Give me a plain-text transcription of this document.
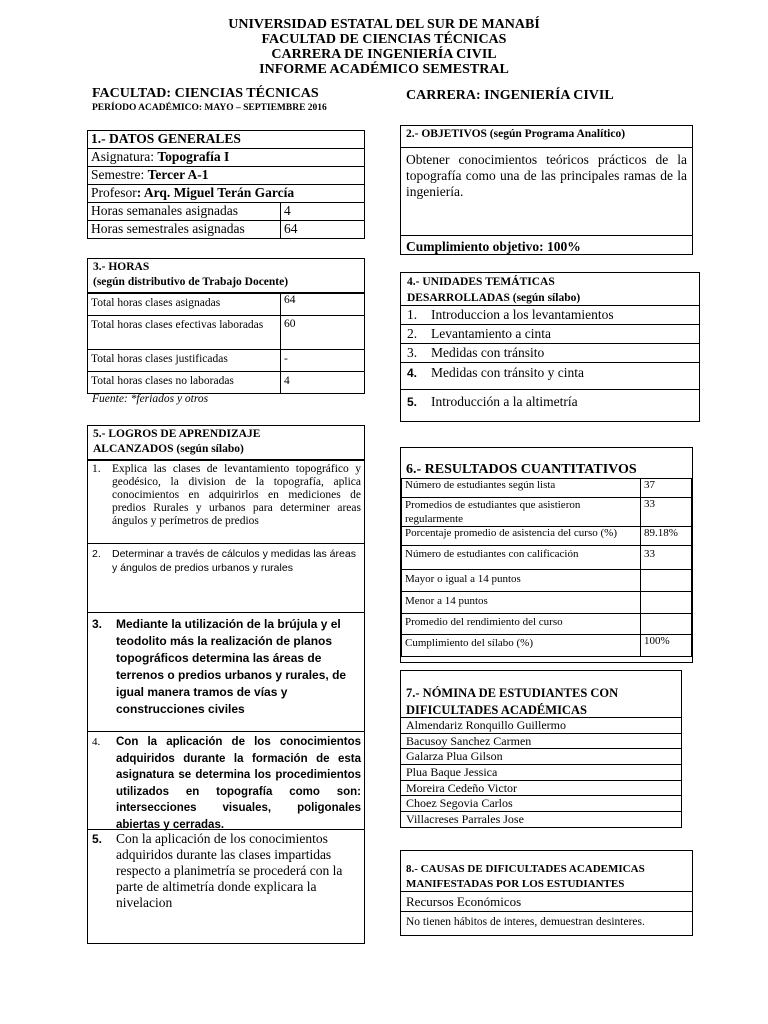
UNIVERSIDAD ESTATAL DEL SUR DE MANABÍ
FACULTAD DE CIENCIAS TÉCNICAS
CARRERA DE INGENIERÍA CIVIL
INFORME ACADÉMICO SEMESTRAL
FACULTAD: CIENCIAS TÉCNICAS
PERÍODO ACADÉMICO: MAYO – SEPTIEMBRE 2016
CARRERA: INGENIERÍA CIVIL
1.- DATOS GENERALES	
Asignatura: Topografía I	
Semestre: Tercer A-1	
Profesor: Arq. Miguel Terán García	
Horas semanales asignadas	4
Horas semestrales asignadas	64
2.- OBJETIVOS (según Programa Analítico)
Obtener conocimientos teóricos prácticos de la topografía como una de las principales ramas de la ingeniería.
Cumplimiento objetivo: 100%
3.- HORAS
(según distributivo de Trabajo Docente)
Total horas clases asignadas	64
Total horas clases efectivas laboradas	60
Total horas clases justificadas	-
Total horas clases no laboradas	4
Fuente: *feriados y otros
4.- UNIDADES TEMÁTICAS
DESARROLLADAS (según sílabo)
1. Introduccion a los levantamientos
2. Levantamiento a cinta
3. Medidas con tránsito
4. Medidas con tránsito y cinta
5. Introducción a la altimetría
5.- LOGROS DE APRENDIZAJE
ALCANZADOS (según sílabo)
1. Explica las clases de levantamiento topográfico y geodésico, la division de la topografía, aplica conocimientos en adquirirlos en mediciones de predios Rurales y urbanos para determiner areas ángulos y perímetros de predios
2.	Determinar a través de cálculos y medidas las áreas y ángulos de predios urbanos y rurales
3.	Mediante la utilización de la brújula y el teodolito más la realización de planos topográficos determina las áreas de terrenos o predios urbanos y rurales, de igual manera tramos de vías y construcciones civiles
4.	Con la aplicación de los conocimientos adquiridos durante la formación de esta asignatura se determina los procedimientos utilizados en topografía como son: intersecciones visuales, poligonales abiertas y cerradas.
5.	Con la aplicación de los conocimientos adquiridos durante las clases impartidas respecto a planimetría se procederá con la parte de altimetría donde explicara la nivelacion
6.- RESULTADOS CUANTITATIVOS
Número de estudiantes según lista	37
Promedios de estudiantes que asistieron regularmente	33
Porcentaje promedio de asistencia del curso (%)	89.18%
Número de estudiantes con calificación	33
Mayor o igual a 14 puntos	
Menor a 14 puntos	
Promedio del rendimiento del curso	
Cumplimiento del sílabo (%)	100%
7.- NÓMINA DE ESTUDIANTES CON
DIFICULTADES ACADÉMICAS
Almendariz Ronquillo Guillermo
Bacusoy Sanchez Carmen
Galarza Plua Gilson
Plua Baque Jessica
Moreira Cedeño Victor
Choez Segovia Carlos
Villacreses Parrales Jose
8.- CAUSAS DE DIFICULTADES ACADEMICAS
MANIFESTADAS POR LOS ESTUDIANTES
Recursos Económicos
No tienen hábitos de interes, demuestran desinteres.
